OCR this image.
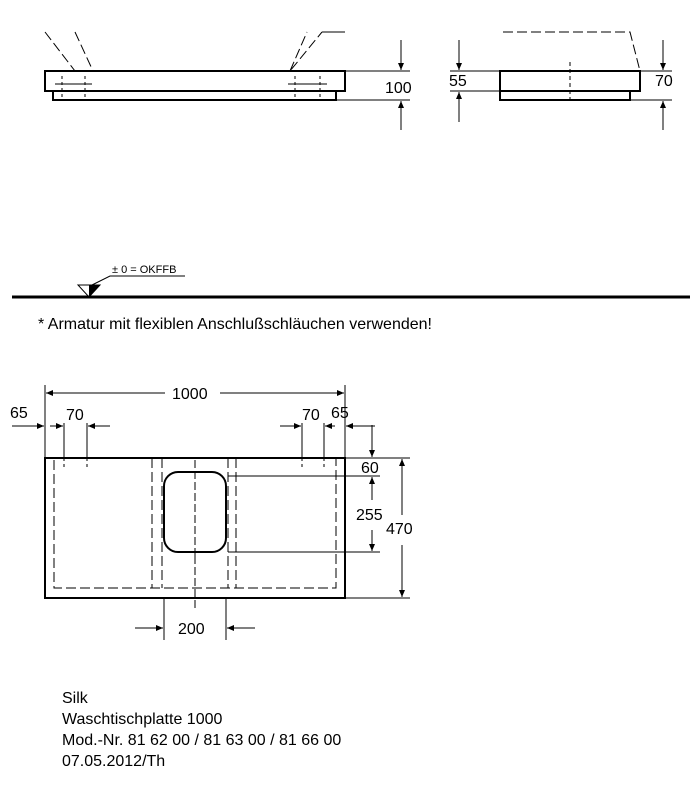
100 55	70
± 0 = OKFFB
1000
65 70	70 65
60
255
470
200
* Armatur mit flexiblen Anschlußschläuchen verwenden!
Silk
Waschtischplatte 1000
Mod.-Nr. 81 62 00 / 81 63 00 / 81 66 00
07.05.2012/Th
